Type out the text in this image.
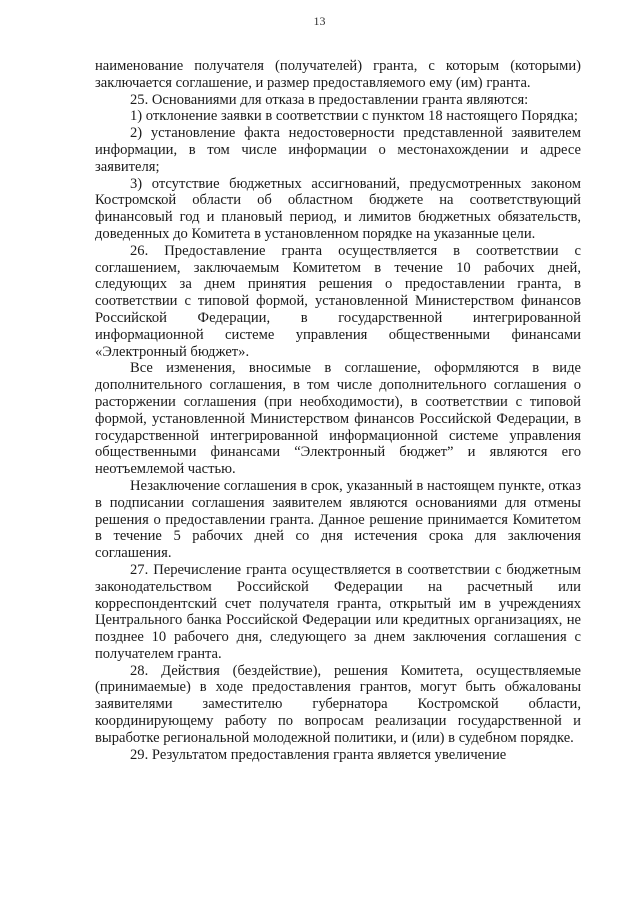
13

наименование получателя (получателей) гранта, с которым (которыми) заключается соглашение, и размер предоставляемого ему (им) гранта.

25. Основаниями для отказа в предоставлении гранта являются:

1) отклонение заявки в соответствии с пунктом 18 настоящего Порядка;

2) установление факта недостоверности представленной заявителем информации, в том числе информации о местонахождении и адресе заявителя;

3) отсутствие бюджетных ассигнований, предусмотренных законом Костромской области об областном бюджете на соответствующий финансовый год и плановый период, и лимитов бюджетных обязательств, доведенных до Комитета в установленном порядке на указанные цели.

26. Предоставление гранта осуществляется в соответствии с соглашением, заключаемым Комитетом в течение 10 рабочих дней, следующих за днем принятия решения о предоставлении гранта, в соответствии с типовой формой, установленной Министерством финансов Российской Федерации, в государственной интегрированной информационной системе управления общественными финансами «Электронный бюджет».

Все изменения, вносимые в соглашение, оформляются в виде дополнительного соглашения, в том числе дополнительного соглашения о расторжении соглашения (при необходимости), в соответствии с типовой формой, установленной Министерством финансов Российской Федерации, в государственной интегрированной информационной системе управления общественными финансами “Электронный бюджет” и являются его неотъемлемой частью.

Незаключение соглашения в срок, указанный в настоящем пункте, отказ в подписании соглашения заявителем являются основаниями для отмены решения о предоставлении гранта. Данное решение принимается Комитетом в течение 5 рабочих дней со дня истечения срока для заключения соглашения.

27. Перечисление гранта осуществляется в соответствии с бюджетным законодательством Российской Федерации на расчетный или корреспондентский счет получателя гранта, открытый им в учреждениях Центрального банка Российской Федерации или кредитных организациях, не позднее 10 рабочего дня, следующего за днем заключения соглашения с получателем гранта.

28. Действия (бездействие), решения Комитета, осуществляемые (принимаемые) в ходе предоставления грантов, могут быть обжалованы заявителями заместителю губернатора Костромской области, координирующему работу по вопросам реализации государственной и выработке региональной молодежной политики, и (или) в судебном порядке.

29. Результатом предоставления гранта является увеличение
